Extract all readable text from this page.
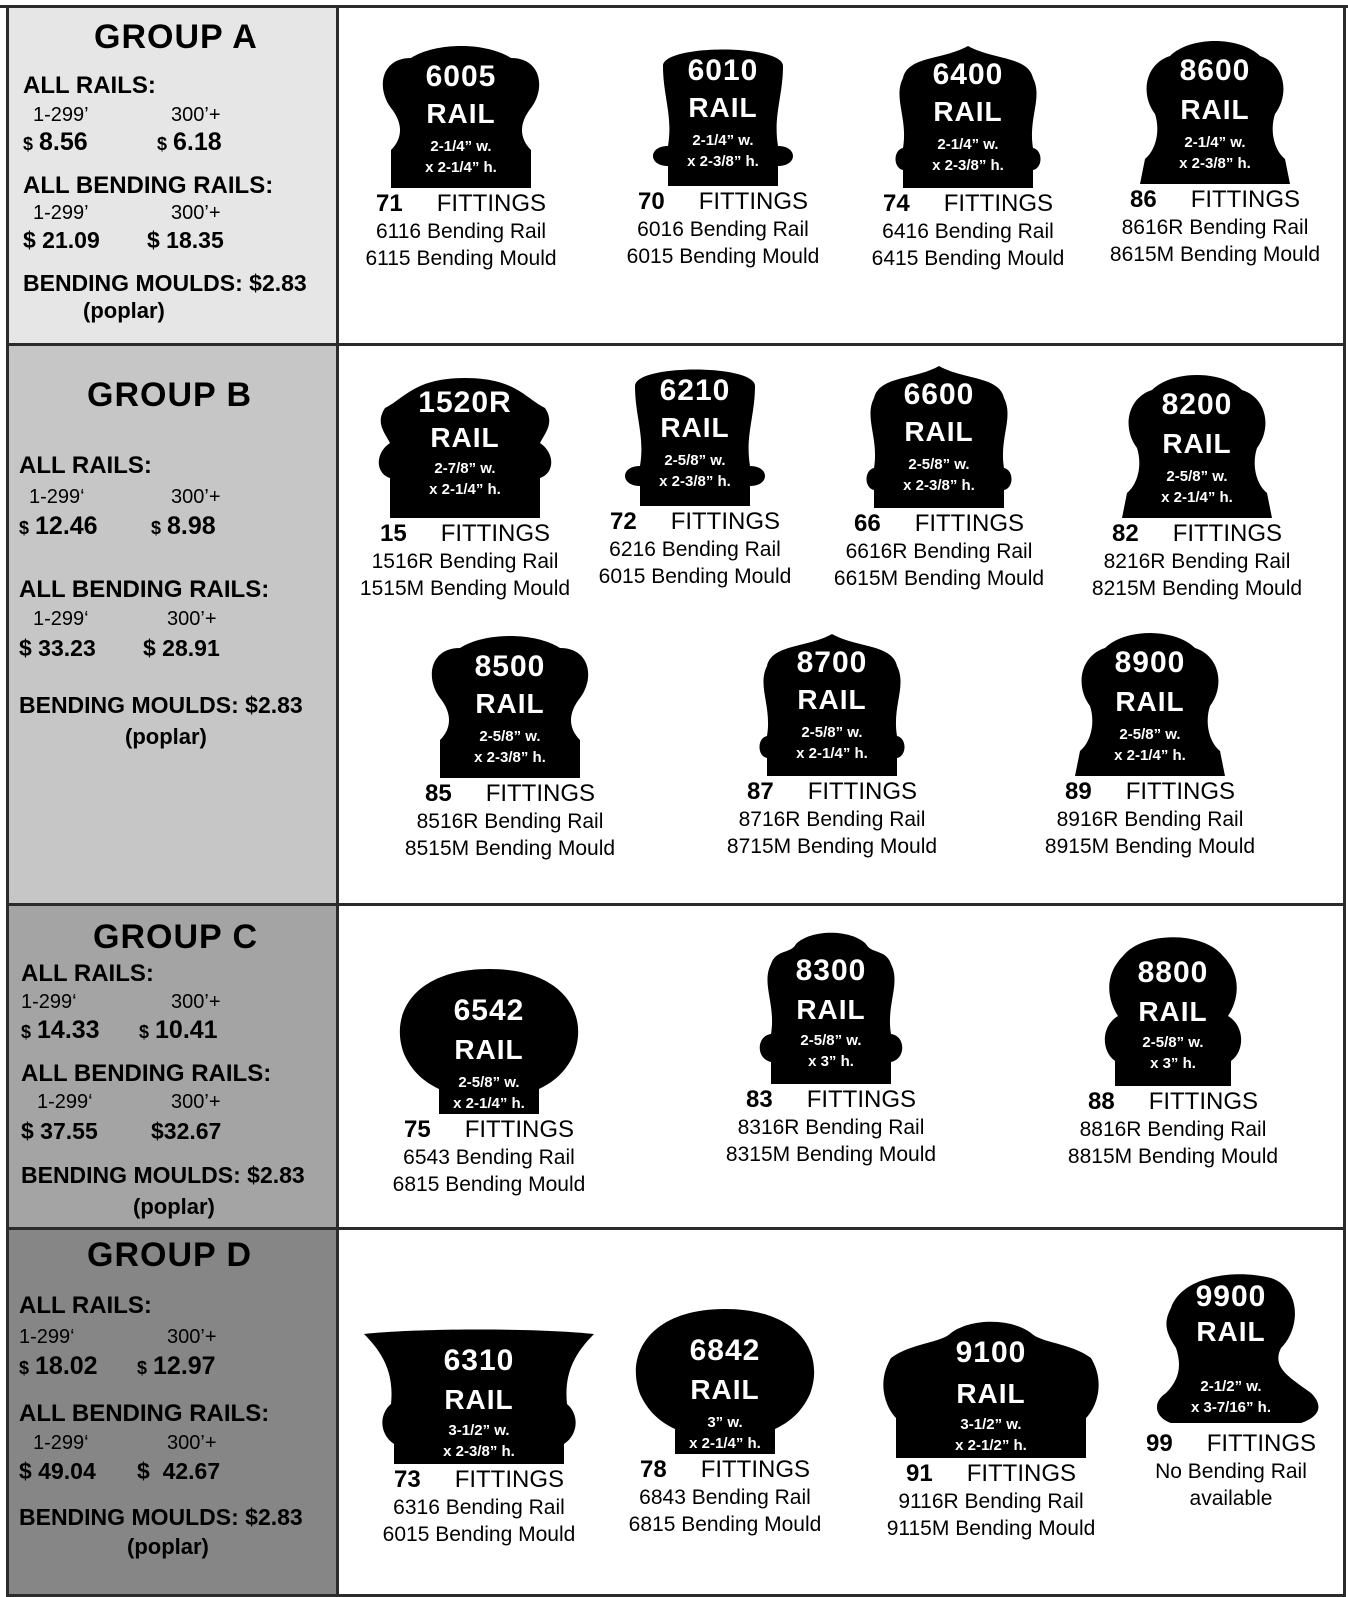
GROUP A
ALL RAILS:
1-299’	300’+
$ 8.56	$ 6.18
ALL BENDING RAILS:
1-299’	300’+
$ 21.09 $ 18.35
BENDING MOULDS: $2.83
(poplar)
6005
RAIL
2-1/4” w.
x 2-1/4” h.
71 FITTINGS
6116 Bending Rail
6115 Bending Mould
6010
RAIL
2-1/4” w.
x 2-3/8” h.
70 FITTINGS
6016 Bending Rail
6015 Bending Mould
6400
RAIL
2-1/4” w.
x 2-3/8” h.
74 FITTINGS
6416 Bending Rail
6415 Bending Mould
8600
RAIL
2-1/4” w.
x 2-3/8” h.
86 FITTINGS
8616R Bending Rail
8615M Bending Mould
GROUP B
ALL RAILS:
1-299‘	300’+
$ 12.46	$ 8.98
ALL BENDING RAILS:
1-299‘	300’+
$ 33.23 $ 28.91
BENDING MOULDS: $2.83
(poplar)
1520R
RAIL
2-7/8” w.
x 2-1/4” h.
15 FITTINGS
1516R Bending Rail
1515M Bending Mould
6210
RAIL
2-5/8” w.
x 2-3/8” h.
72 FITTINGS
6216 Bending Rail
6015 Bending Mould
6600
RAIL
2-5/8” w.
x 2-3/8” h.
66 FITTINGS
6616R Bending Rail
6615M Bending Mould
8200
RAIL
2-5/8” w.
x 2-1/4” h.
82 FITTINGS
8216R Bending Rail
8215M Bending Mould
8500
RAIL
2-5/8” w.
x 2-3/8” h.
85 FITTINGS
8516R Bending Rail
8515M Bending Mould
8700
RAIL
2-5/8” w.
x 2-1/4” h.
87 FITTINGS
8716R Bending Rail
8715M Bending Mould
8900
RAIL
2-5/8” w.
x 2-1/4” h.
89 FITTINGS
8916R Bending Rail
8915M Bending Mould
GROUP C
ALL RAILS:
1-299‘	300’+
$ 14.33 $ 10.41
ALL BENDING RAILS:
1-299‘	300’+
$ 37.55 $32.67
BENDING MOULDS: $2.83
(poplar)
6542
RAIL
2-5/8” w.
x 2-1/4” h.
75 FITTINGS
6543 Bending Rail
6815 Bending Mould
8300
RAIL
2-5/8” w.
x 3” h.
83 FITTINGS
8316R Bending Rail
8315M Bending Mould
8800
RAIL
2-5/8” w.
x 3” h.
88 FITTINGS
8816R Bending Rail
8815M Bending Mould
GROUP D
ALL RAILS:
1-299‘	300’+
$ 18.02 $ 12.97
ALL BENDING RAILS:
1-299‘	300’+
$ 49.04 $  42.67
BENDING MOULDS: $2.83
(poplar)
6310
RAIL
3-1/2” w.
x 2-3/8” h.
73 FITTINGS
6316 Bending Rail
6015 Bending Mould
6842
RAIL
3” w.
x 2-1/4” h.
78 FITTINGS
6843 Bending Rail
6815 Bending Mould
9100
RAIL
3-1/2” w.
x 2-1/2” h.
91 FITTINGS
9116R Bending Rail
9115M Bending Mould
9900
RAIL
2-1/2” w.
x 3-7/16” h.
99 FITTINGS
No Bending Rail
available
